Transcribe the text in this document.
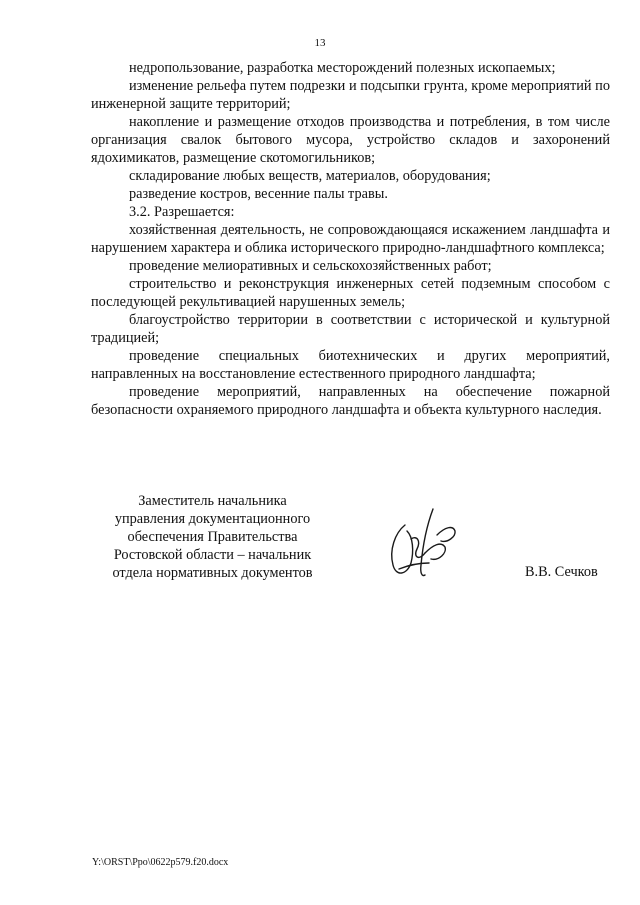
13

недропользование, разработка месторождений полезных ископаемых;

изменение рельефа путем подрезки и подсыпки грунта, кроме мероприятий по инженерной защите территорий;

накопление и размещение отходов производства и потребления, в том числе организация свалок бытового мусора, устройство складов и захоронений ядохимикатов, размещение скотомогильников;

складирование любых веществ, материалов, оборудования;

разведение костров, весенние палы травы.

3.2. Разрешается:

хозяйственная деятельность, не сопровождающаяся искажением ландшафта и нарушением характера и облика исторического природно-ландшафтного комплекса;

проведение мелиоративных и сельскохозяйственных работ;

строительство и реконструкция инженерных сетей подземным способом с последующей рекультивацией нарушенных земель;

благоустройство территории в соответствии с исторической и культурной традицией;

проведение специальных биотехнических и других мероприятий, направленных на восстановление естественного природного ландшафта;

проведение мероприятий, направленных на обеспечение пожарной безопасности охраняемого природного ландшафта и объекта культурного наследия.

Заместитель начальника
управления документационного
обеспечения Правительства
Ростовской области – начальник
отдела нормативных документов	В.В. Сечков
Y:\ORST\Ppo\0622p579.f20.docx
